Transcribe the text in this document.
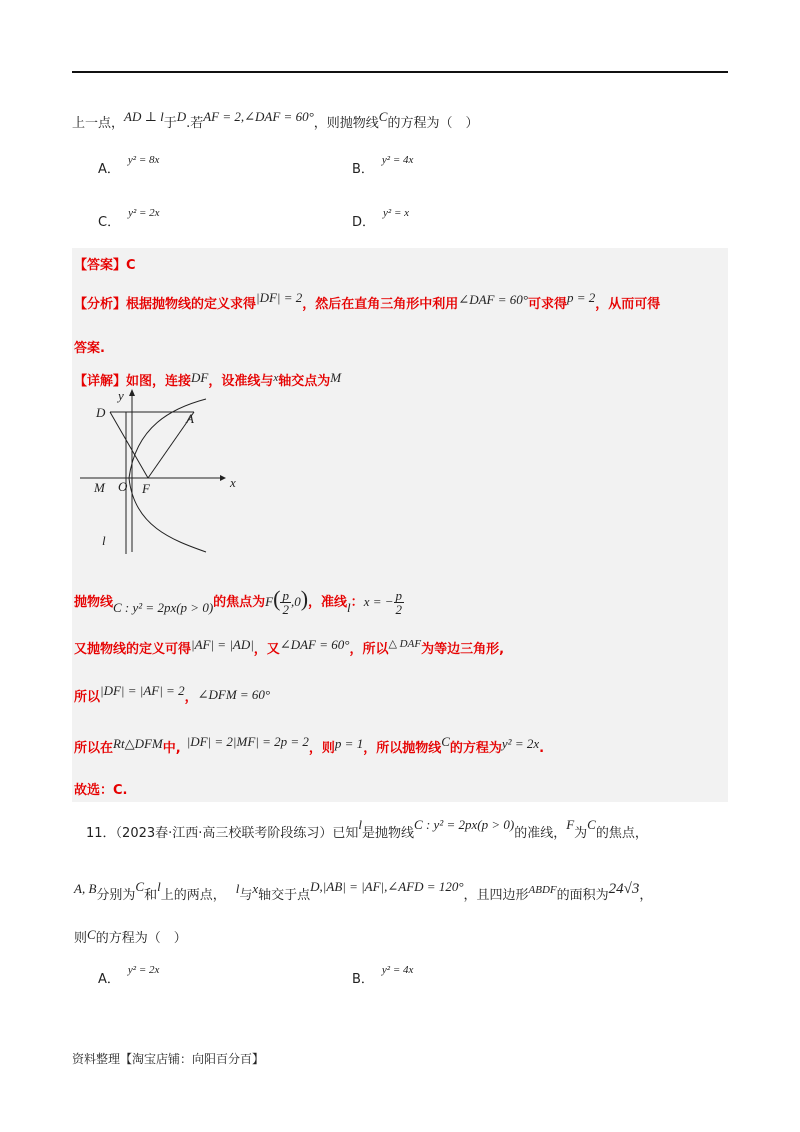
上一点，AD ⊥ l于D.若AF = 2,∠DAF = 60°，则抛物线C的方程为（　）
A．$^{y^2 = 8x}$
B．$^{y^2 = 4x}$
C．$^{y^2 = 2x}$
D．$^{y^2 = x}$
【答案】C
【分析】根据抛物线的定义求得|DF| = 2，然后在直角三角形中利用∠DAF = 60°可求得p = 2，从而可得
答案.
【详解】如图，连接DF，设准线与$^x$轴交点为M
y
x
D	A
M O F
l
抛物线C : y² = 2px(p > 0)的焦点为$F( \frac{p}{2} ,0)$，准线l：x = − $\frac{p}{2}$
又抛物线的定义可得|AF| = |AD|，又∠DAF = 60°，所以$^{\triangle DAF}$为等边三角形,
所以|DF| = |AF| = 2，∠DFM = 60°
所以在Rt△DFM中, |DF| = 2|MF| = 2p = 2，则p = 1，所以抛物线C的方程为y² = 2x.
故选：C.
11．（2023春·江西·高三校联考阶段练习）已知l是抛物线C : y² = 2px(p > 0)的准线，F为C的焦点，
A, B分别为C和l上的两点， l与x轴交于点D,|AB| = |AF|,∠AFD = 120°，且四边形$^{ABDF}$的面积为24√3，
则C的方程为（　）
A．$^{y^2 = 2x}$
B．$^{y^2 = 4x}$
资料整理【淘宝店铺：向阳百分百】
